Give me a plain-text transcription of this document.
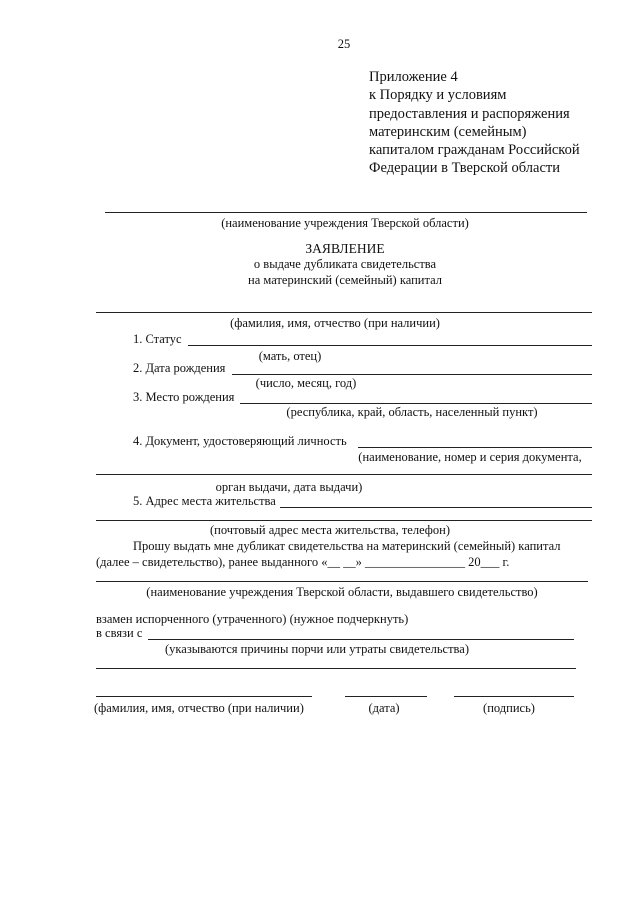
25
Приложение 4
к Порядку и условиям
предоставления и распоряжения
материнским (семейным)
капиталом гражданам Российской
Федерации в Тверской области
(наименование учреждения Тверской области)
ЗАЯВЛЕНИЕ
о выдаче дубликата свидетельства
на материнский (семейный) капитал
(фамилия, имя, отчество (при наличии)
1. Статус
(мать, отец)
2. Дата рождения
(число, месяц, год)
3. Место рождения
(республика, край, область, населенный пункт)
4. Документ, удостоверяющий личность
(наименование, номер и серия документа,
орган выдачи, дата выдачи)
5. Адрес места жительства
(почтовый адрес места жительства, телефон)
Прошу выдать мне дубликат свидетельства на материнский (семейный) капитал
(далее – свидетельство), ранее выданного «__ __» ________________ 20___ г.
(наименование учреждения Тверской области, выдавшего свидетельство)
взамен испорченного (утраченного) (нужное подчеркнуть)
в связи с
(указываются причины порчи или утраты свидетельства)
(фамилия, имя, отчество (при наличии)	(дата)	(подпись)
